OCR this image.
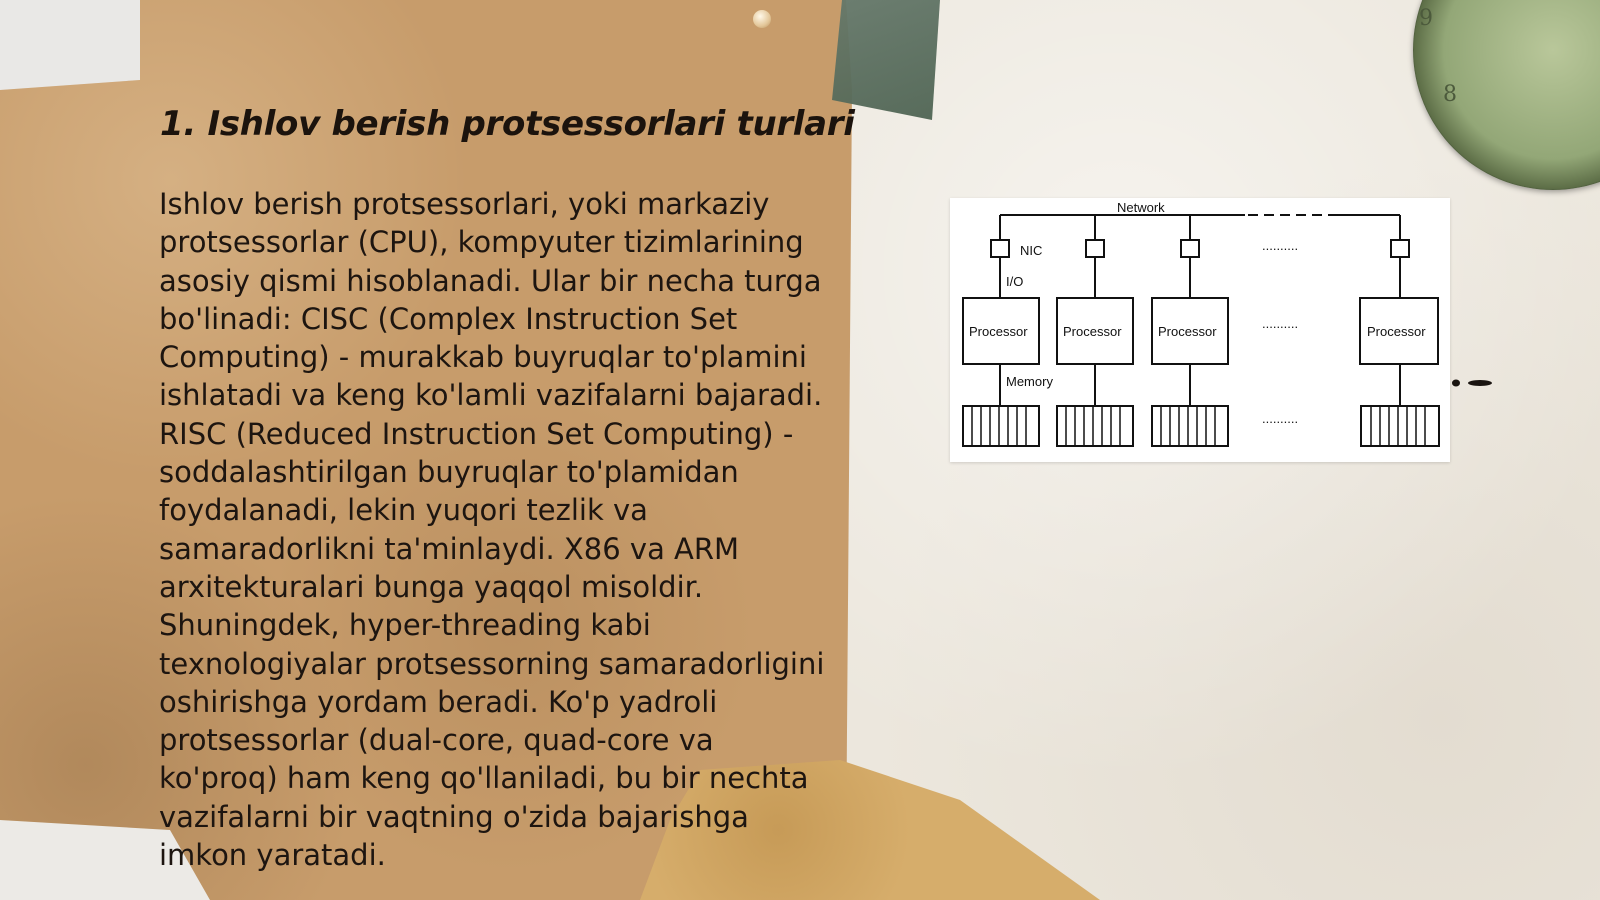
9
8
1. Ishlov berish protsessorlari turlari
Ishlov berish protsessorlari, yoki markaziy protsessorlar (CPU), kompyuter tizimlarining asosiy qismi hisoblanadi. Ular bir necha turga bo'linadi: CISC (Complex Instruction Set Computing) - murakkab buyruqlar to'plamini ishlatadi va keng ko'lamli vazifalarni bajaradi. RISC (Reduced Instruction Set Computing) - soddalashtirilgan buyruqlar to'plamidan foydalanadi, lekin yuqori tezlik va samaradorlikni ta'minlaydi. X86 va ARM arxitekturalari bunga yaqqol misoldir. Shuningdek, hyper-threading kabi texnologiyalar protsessorning samaradorligini oshirishga yordam beradi. Ko'p yadroli protsessorlar (dual-core, quad-core va ko'proq) ham keng qo'llaniladi, bu bir nechta vazifalarni bir vaqtning o'zida bajarishga imkon yaratadi.
Network
Processor
NIC
I/O
Memory
Processor	Processor
..........
..........
..........
Processor
